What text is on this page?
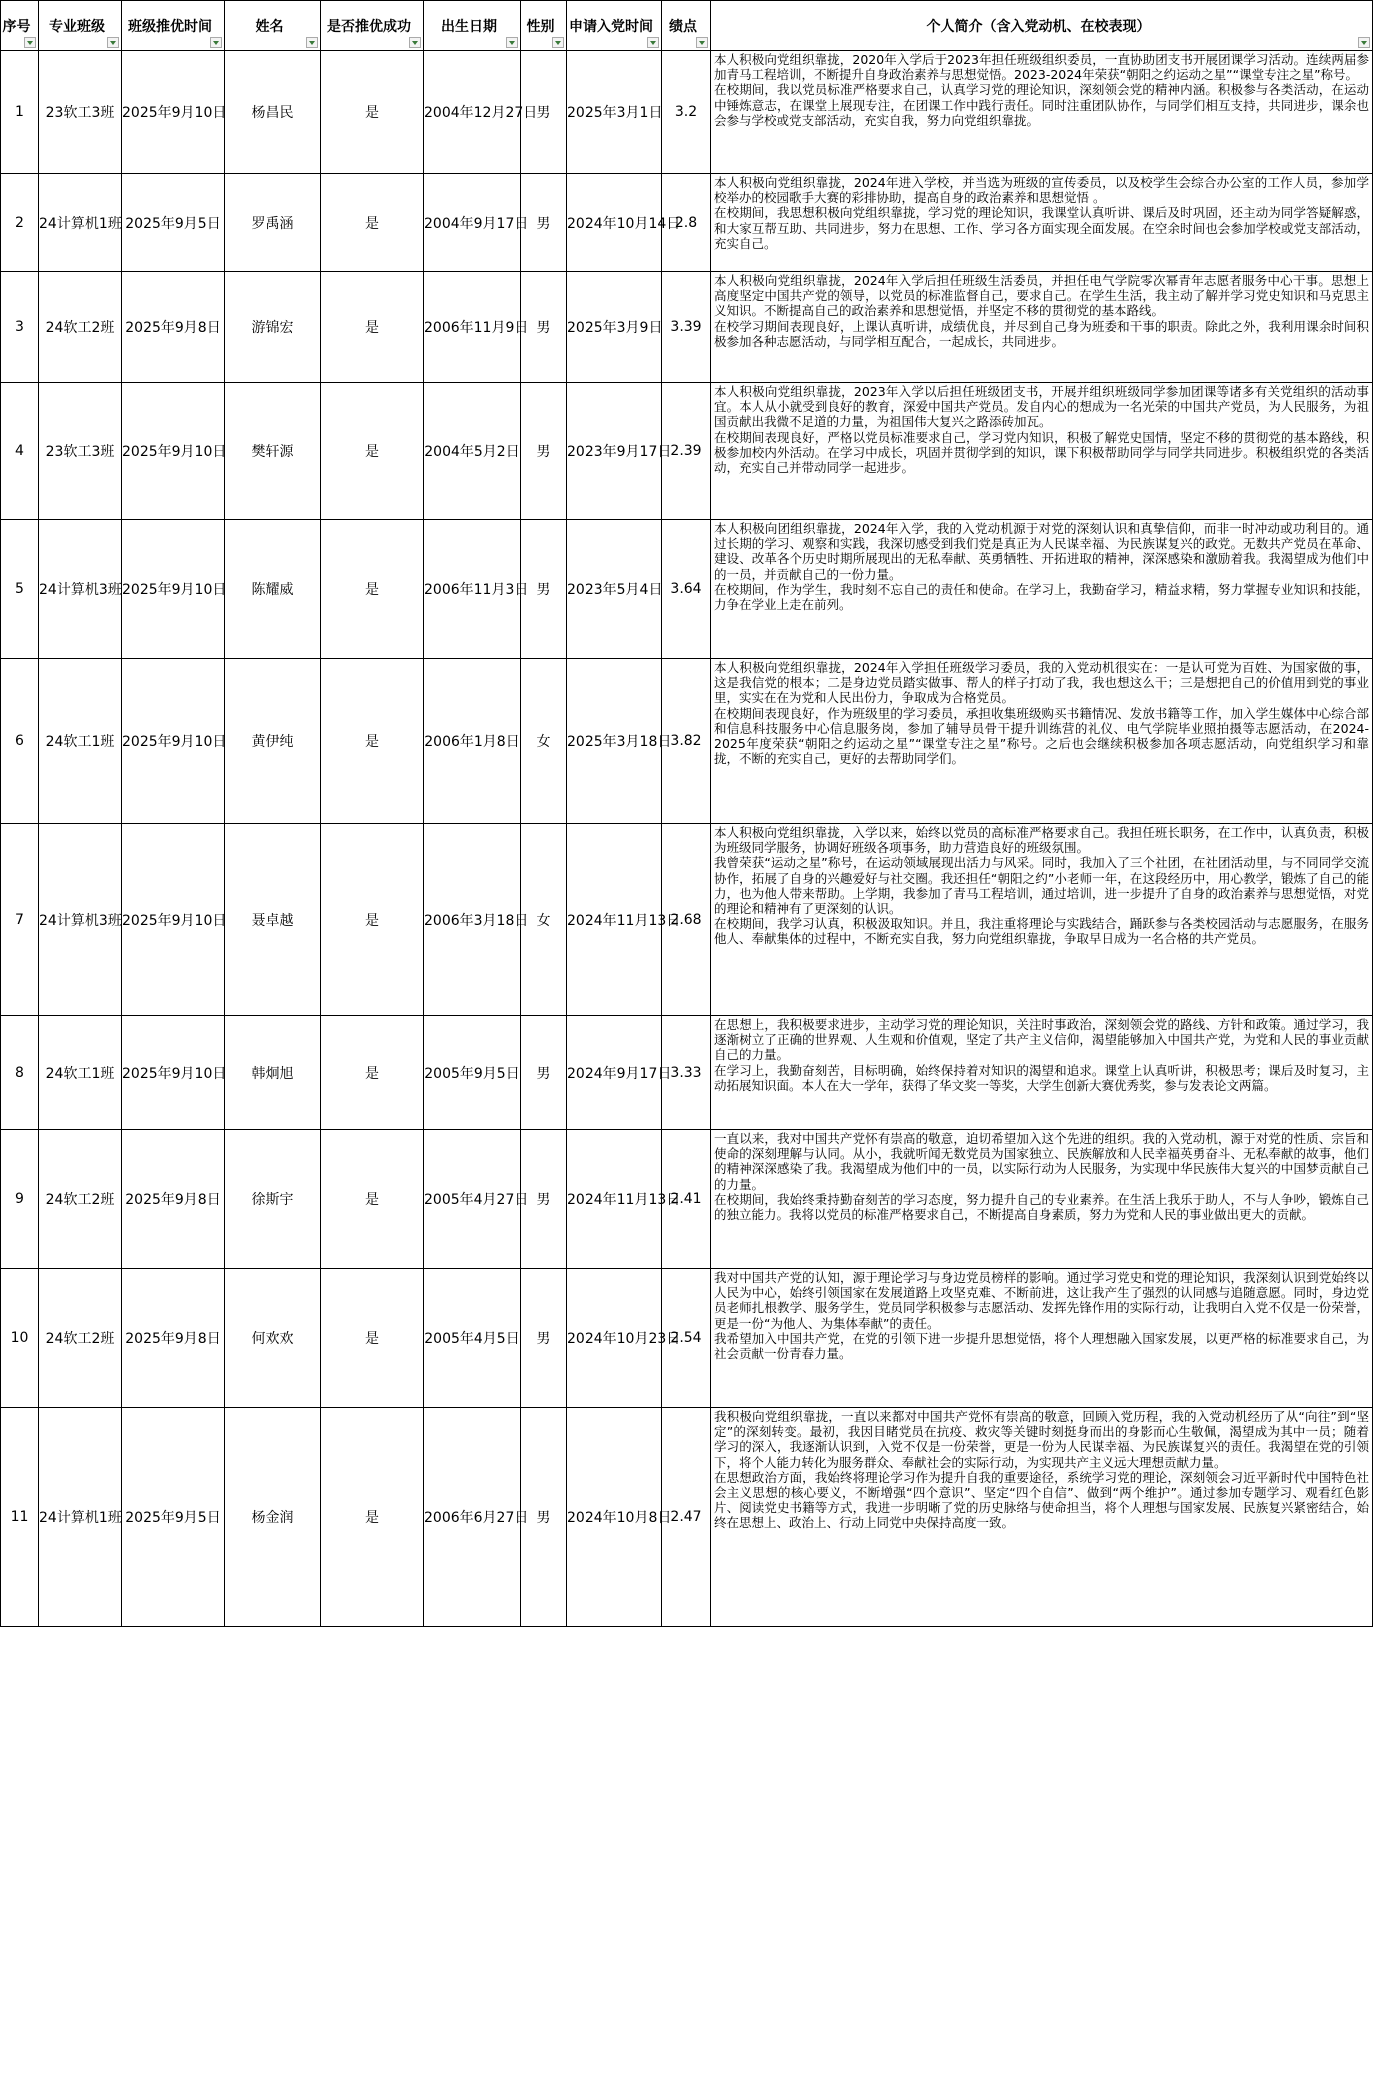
序号	专业班级	班级推优时间	姓名	是否推优成功	出生日期	性别	申请入党时间	绩点	个人简介（含入党动机、在校表现）

1	23软工3班	2025年9月10日	杨昌民	是	2004年12月27日	男	2025年3月1日	3.2	本人积极向党组织靠拢，2020年入学后于2023年担任班级组织委员，一直协助团支书开展团课学习活动。连续两届参加青马工程培训，不断提升自身政治素养与思想觉悟。2023-2024年荣获“朝阳之约运动之星”“课堂专注之星”称号。
在校期间，我以党员标准严格要求自己，认真学习党的理论知识，深刻领会党的精神内涵。积极参与各类活动，在运动中锤炼意志，在课堂上展现专注，在团课工作中践行责任。同时注重团队协作，与同学们相互支持，共同进步，课余也会参与学校或党支部活动，充实自我，努力向党组织靠拢。

2	24计算机1班	2025年9月5日	罗禹涵	是	2004年9月17日	男	2024年10月14日	2.8	本人积极向党组织靠拢，2024年进入学校，并当选为班级的宣传委员，以及校学生会综合办公室的工作人员，参加学校举办的校园歌手大赛的彩排协助，提高自身的政治素养和思想觉悟 。
在校期间，我思想积极向党组织靠拢，学习党的理论知识，我课堂认真听讲、课后及时巩固，还主动为同学答疑解惑，和大家互帮互助、共同进步，努力在思想、工作、学习各方面实现全面发展。在空余时间也会参加学校或党支部活动，充实自己。

3	24软工2班	2025年9月8日	游锦宏	是	2006年11月9日	男	2025年3月9日	3.39	本人积极向党组织靠拢，2024年入学后担任班级生活委员，并担任电气学院零次幂青年志愿者服务中心干事。思想上高度坚定中国共产党的领导，以党员的标准监督自己，要求自己。在学生生活，我主动了解并学习党史知识和马克思主义知识。不断提高自己的政治素养和思想觉悟，并坚定不移的贯彻党的基本路线。
在校学习期间表现良好，上课认真听讲，成绩优良，并尽到自己身为班委和干事的职责。除此之外，我利用课余时间积极参加各种志愿活动，与同学相互配合，一起成长，共同进步。

4	23软工3班	2025年9月10日	樊轩源	是	2004年5月2日	男	2023年9月17日	2.39	本人积极向党组织靠拢，2023年入学以后担任班级团支书，开展并组织班级同学参加团课等诸多有关党组织的活动事宜。本人从小就受到良好的教育，深爱中国共产党员。发自内心的想成为一名光荣的中国共产党员，为人民服务，为祖国贡献出我微不足道的力量，为祖国伟大复兴之路添砖加瓦。
在校期间表现良好，严格以党员标准要求自己，学习党内知识，积极了解党史国情，坚定不移的贯彻党的基本路线，积极参加校内外活动。在学习中成长，巩固并贯彻学到的知识，课下积极帮助同学与同学共同进步。积极组织党的各类活动，充实自己并带动同学一起进步。

5	24计算机3班	2025年9月10日	陈耀威	是	2006年11月3日	男	2023年5月4日	3.64	本人积极向团组织靠拢，2024年入学，我的入党动机源于对党的深刻认识和真挚信仰，而非一时冲动或功利目的。通过长期的学习、观察和实践，我深切感受到我们党是真正为人民谋幸福、为民族谋复兴的政党。无数共产党员在革命、建设、改革各个历史时期所展现出的无私奉献、英勇牺牲、开拓进取的精神，深深感染和激励着我。我渴望成为他们中的一员，并贡献自己的一份力量。
在校期间，作为学生，我时刻不忘自己的责任和使命。在学习上，我勤奋学习，精益求精，努力掌握专业知识和技能，力争在学业上走在前列。

6	24软工1班	2025年9月10日	黄伊纯	是	2006年1月8日	女	2025年3月18日	3.82	本人积极向党组织靠拢，2024年入学担任班级学习委员，我的入党动机很实在：一是认可党为百姓、为国家做的事，这是我信党的根本；二是身边党员踏实做事、帮人的样子打动了我，我也想这么干；三是想把自己的价值用到党的事业里，实实在在为党和人民出份力，争取成为合格党员。
在校期间表现良好，作为班级里的学习委员，承担收集班级购买书籍情况、发放书籍等工作，加入学生媒体中心综合部和信息科技服务中心信息服务岗，参加了辅导员骨干提升训练营的礼仪、电气学院毕业照拍摄等志愿活动，在2024-2025年度荣获“朝阳之约运动之星”“课堂专注之星”称号。之后也会继续积极参加各项志愿活动，向党组织学习和靠拢，不断的充实自己，更好的去帮助同学们。

7	24计算机3班	2025年9月10日	聂卓越	是	2006年3月18日	女	2024年11月13日	2.68	本人积极向党组织靠拢，入学以来，始终以党员的高标准严格要求自己。我担任班长职务，在工作中，认真负责，积极为班级同学服务，协调好班级各项事务，助力营造良好的班级氛围。
我曾荣获“运动之星”称号，在运动领域展现出活力与风采。同时，我加入了三个社团，在社团活动里，与不同同学交流协作，拓展了自身的兴趣爱好与社交圈。我还担任“朝阳之约”小老师一年，在这段经历中，用心教学，锻炼了自己的能力，也为他人带来帮助。上学期，我参加了青马工程培训，通过培训，进一步提升了自身的政治素养与思想觉悟，对党的理论和精神有了更深刻的认识。
在校期间，我学习认真，积极汲取知识。并且，我注重将理论与实践结合，踊跃参与各类校园活动与志愿服务，在服务他人、奉献集体的过程中，不断充实自我，努力向党组织靠拢，争取早日成为一名合格的共产党员。

8	24软工1班	2025年9月10日	韩炯旭	是	2005年9月5日	男	2024年9月17日	3.33	在思想上，我积极要求进步，主动学习党的理论知识，关注时事政治，深刻领会党的路线、方针和政策。通过学习，我逐渐树立了正确的世界观、人生观和价值观，坚定了共产主义信仰，渴望能够加入中国共产党，为党和人民的事业贡献自己的力量。
在学习上，我勤奋刻苦，目标明确，始终保持着对知识的渴望和追求。课堂上认真听讲，积极思考；课后及时复习，主动拓展知识面。本人在大一学年，获得了华文奖一等奖，大学生创新大赛优秀奖，参与发表论文两篇。

9	24软工2班	2025年9月8日	徐斯宇	是	2005年4月27日	男	2024年11月13日	2.41	一直以来，我对中国共产党怀有崇高的敬意，迫切希望加入这个先进的组织。我的入党动机，源于对党的性质、宗旨和使命的深刻理解与认同。从小，我就听闻无数党员为国家独立、民族解放和人民幸福英勇奋斗、无私奉献的故事，他们的精神深深感染了我。我渴望成为他们中的一员，以实际行动为人民服务，为实现中华民族伟大复兴的中国梦贡献自己的力量。
在校期间，我始终秉持勤奋刻苦的学习态度，努力提升自己的专业素养。在生活上我乐于助人，不与人争吵，锻炼自己的独立能力。我将以党员的标准严格要求自己，不断提高自身素质，努力为党和人民的事业做出更大的贡献。

10	24软工2班	2025年9月8日	何欢欢	是	2005年4月5日	男	2024年10月23日	2.54	我对中国共产党的认知，源于理论学习与身边党员榜样的影响。通过学习党史和党的理论知识，我深刻认识到党始终以人民为中心，始终引领国家在发展道路上攻坚克难、不断前进，这让我产生了强烈的认同感与追随意愿。同时，身边党员老师扎根教学、服务学生，党员同学积极参与志愿活动、发挥先锋作用的实际行动，让我明白入党不仅是一份荣誉，更是一份“为他人、为集体奉献”的责任。
我希望加入中国共产党，在党的引领下进一步提升思想觉悟，将个人理想融入国家发展，以更严格的标准要求自己，为社会贡献一份青春力量。

11	24计算机1班	2025年9月5日	杨金润	是	2006年6月27日	男	2024年10月8日	2.47	我积极向党组织靠拢，一直以来都对中国共产党怀有崇高的敬意，回顾入党历程，我的入党动机经历了从“向往”到“坚定”的深刻转变。最初，我因目睹党员在抗疫、救灾等关键时刻挺身而出的身影而心生敬佩，渴望成为其中一员；随着学习的深入，我逐渐认识到，入党不仅是一份荣誉，更是一份为人民谋幸福、为民族谋复兴的责任。我渴望在党的引领下，将个人能力转化为服务群众、奉献社会的实际行动，为实现共产主义远大理想贡献力量。
在思想政治方面，我始终将理论学习作为提升自我的重要途径，系统学习党的理论，深刻领会习近平新时代中国特色社会主义思想的核心要义，不断增强“四个意识”、坚定“四个自信”、做到“两个维护”。通过参加专题学习、观看红色影片、阅读党史书籍等方式，我进一步明晰了党的历史脉络与使命担当，将个人理想与国家发展、民族复兴紧密结合，始终在思想上、政治上、行动上同党中央保持高度一致。
